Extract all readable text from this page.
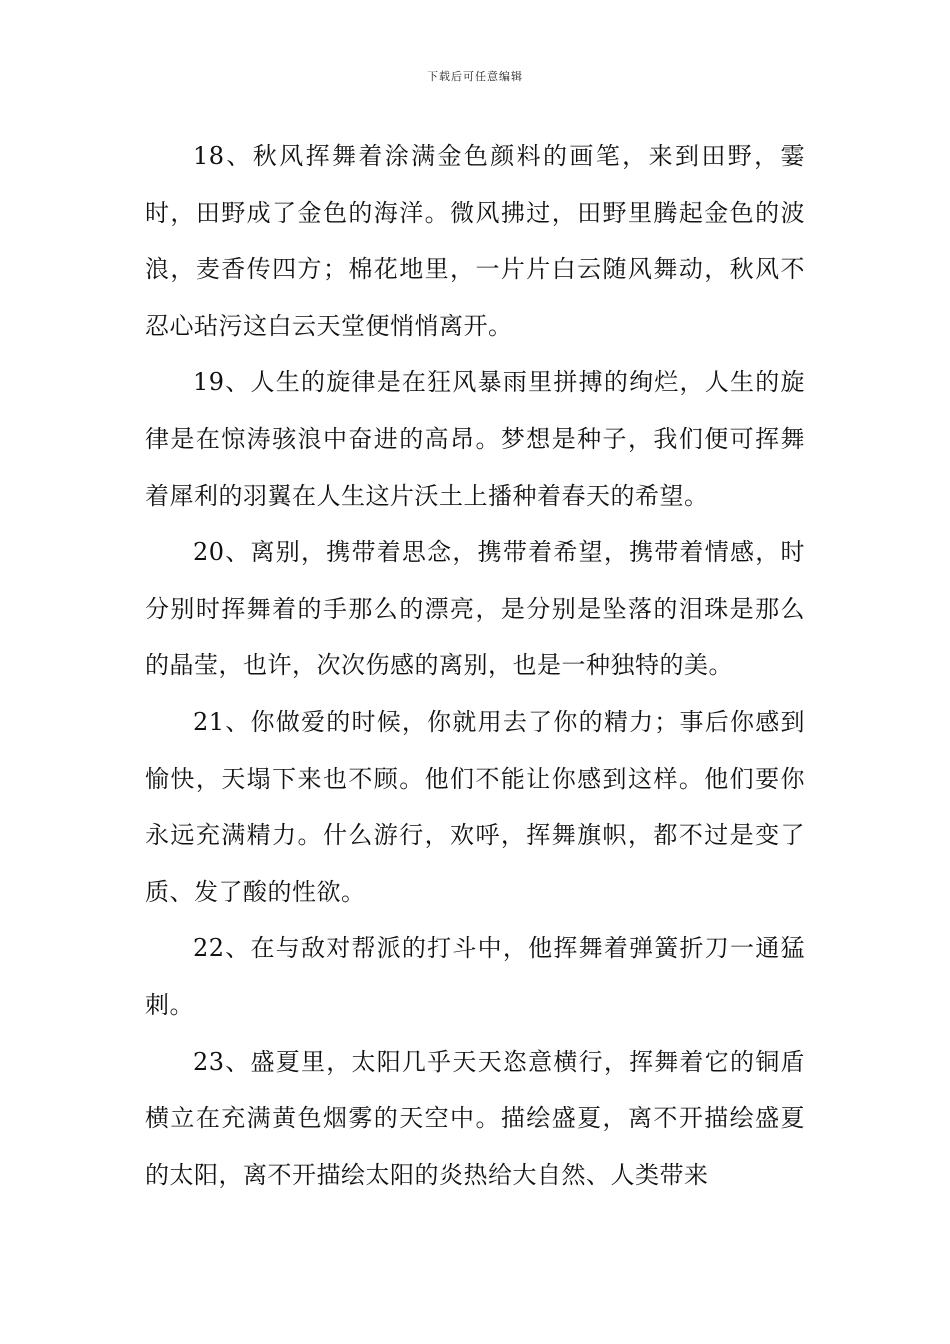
下载后可任意编辑

18、秋风挥舞着涂满金色颜料的画笔，来到田野，霎时，田野成了金色的海洋。微风拂过，田野里腾起金色的波浪，麦香传四方；棉花地里，一片片白云随风舞动，秋风不忍心玷污这白云天堂便悄悄离开。

19、人生的旋律是在狂风暴雨里拼搏的绚烂，人生的旋律是在惊涛骇浪中奋进的高昂。梦想是种子，我们便可挥舞着犀利的羽翼在人生这片沃土上播种着春天的希望。

20、离别，携带着思念，携带着希望，携带着情感，时分别时挥舞着的手那么的漂亮，是分别是坠落的泪珠是那么的晶莹，也许，次次伤感的离别，也是一种独特的美。

21、你做爱的时候，你就用去了你的精力；事后你感到愉快，天塌下来也不顾。他们不能让你感到这样。他们要你永远充满精力。什么游行，欢呼，挥舞旗帜，都不过是变了质、发了酸的性欲。

22、在与敌对帮派的打斗中，他挥舞着弹簧折刀一通猛刺。

23、盛夏里，太阳几乎天天恣意横行，挥舞着它的铜盾横立在充满黄色烟雾的天空中。描绘盛夏，离不开描绘盛夏的太阳，离不开描绘太阳的炎热给大自然、人类带来
